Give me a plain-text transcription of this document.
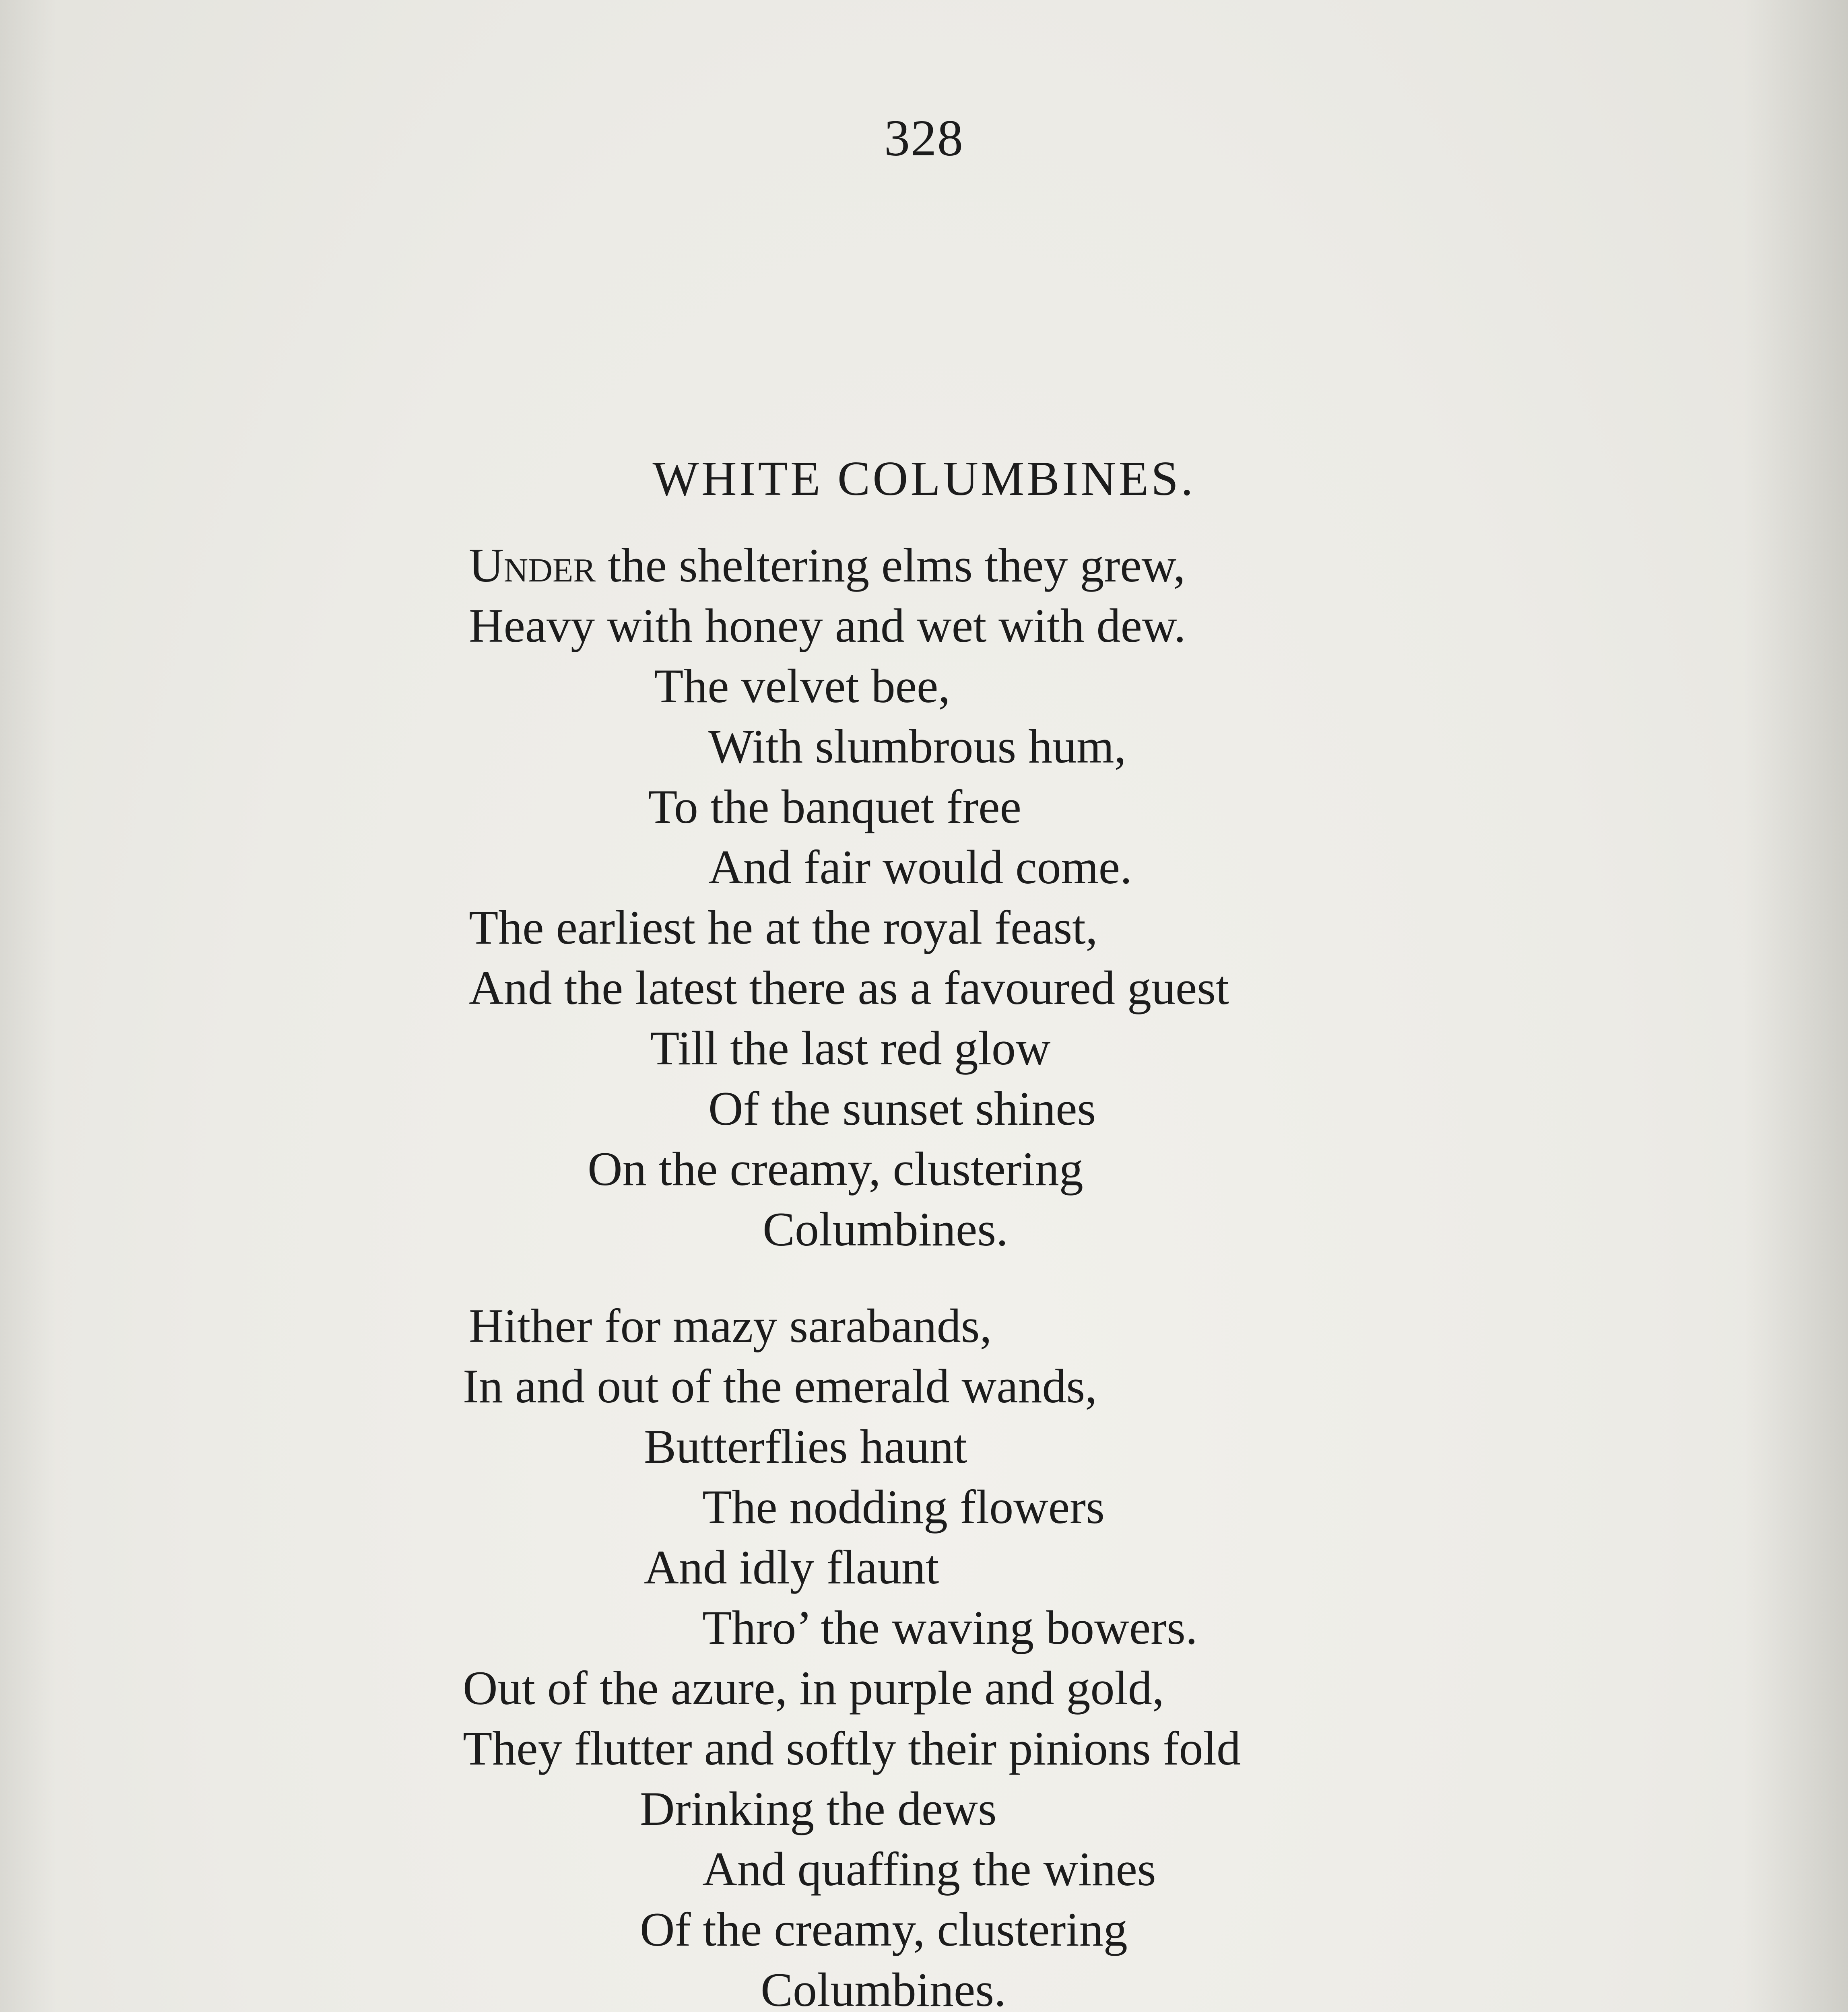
328
WHITE COLUMBINES.
Under the sheltering elms they grew,
Heavy with honey and wet with dew.
The velvet bee,
With slumbrous hum,
To the banquet free
And fair would come.
The earliest he at the royal feast,
And the latest there as a favoured guest
Till the last red glow
Of the sunset shines
On the creamy, clustering
Columbines.
Hither for mazy sarabands,
In and out of the emerald wands,
Butterflies haunt
The nodding flowers
And idly flaunt
Thro’ the waving bowers.
Out of the azure, in purple and gold,
They flutter and softly their pinions fold
Drinking the dews
And quaffing the wines
Of the creamy, clustering
Columbines.
